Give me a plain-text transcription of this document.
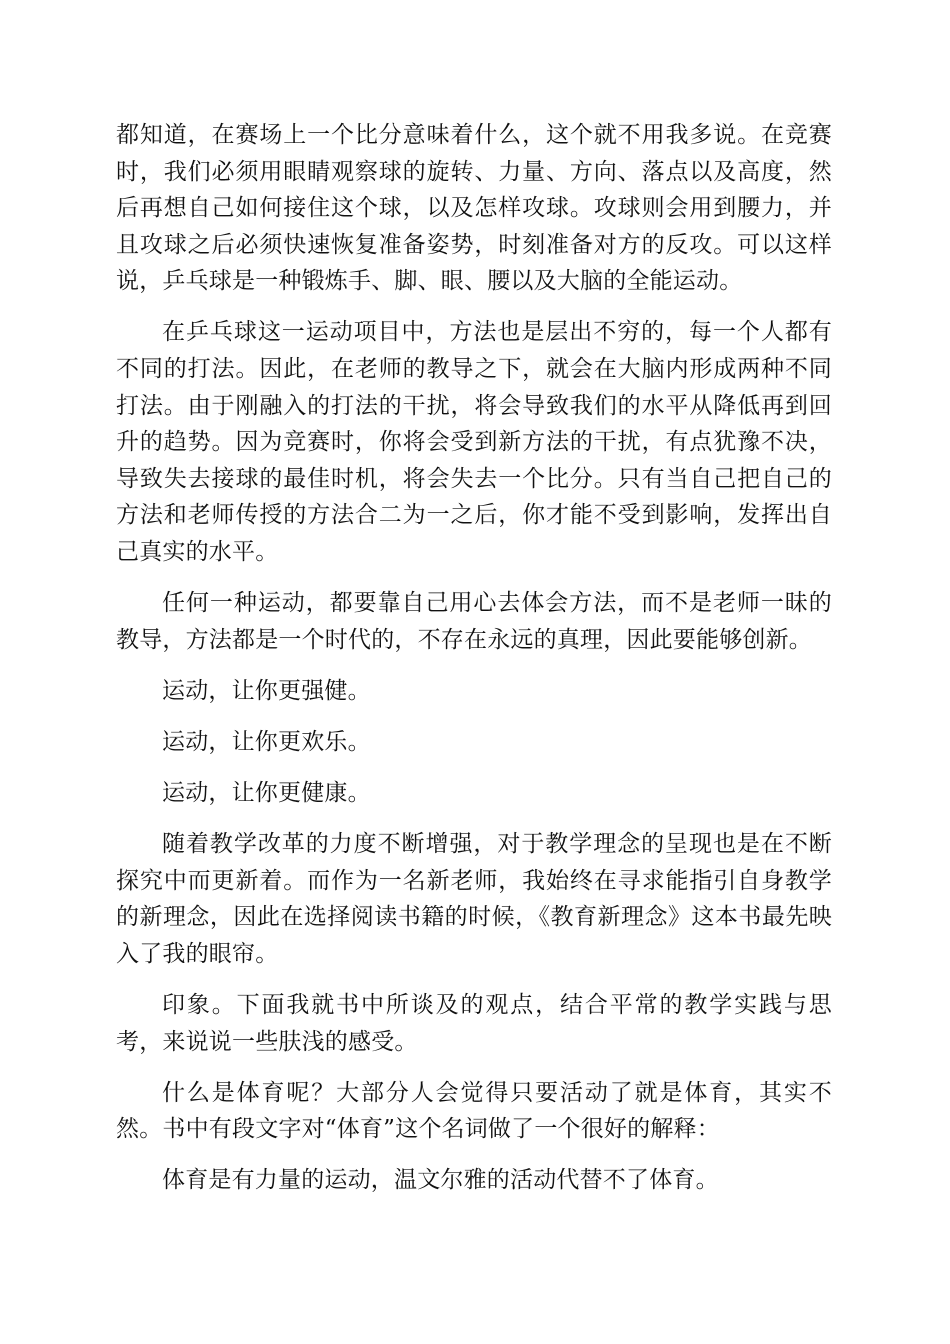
都知道，在赛场上一个比分意味着什么，这个就不用我多说。在竞赛时，我们必须用眼睛观察球的旋转、力量、方向、落点以及高度，然后再想自己如何接住这个球，以及怎样攻球。攻球则会用到腰力，并且攻球之后必须快速恢复准备姿势，时刻准备对方的反攻。可以这样说，乒乓球是一种锻炼手、脚、眼、腰以及大脑的全能运动。

在乒乓球这一运动项目中，方法也是层出不穷的，每一个人都有不同的打法。因此，在老师的教导之下，就会在大脑内形成两种不同打法。由于刚融入的打法的干扰，将会导致我们的水平从降低再到回升的趋势。因为竞赛时，你将会受到新方法的干扰，有点犹豫不决，导致失去接球的最佳时机，将会失去一个比分。只有当自己把自己的方法和老师传授的方法合二为一之后，你才能不受到影响，发挥出自己真实的水平。

任何一种运动，都要靠自己用心去体会方法，而不是老师一昧的教导，方法都是一个时代的，不存在永远的真理，因此要能够创新。

运动，让你更强健。

运动，让你更欢乐。

运动，让你更健康。

随着教学改革的力度不断增强，对于教学理念的呈现也是在不断探究中而更新着。而作为一名新老师，我始终在寻求能指引自身教学的新理念，因此在选择阅读书籍的时候，《教育新理念》这本书最先映入了我的眼帘。

印象。下面我就书中所谈及的观点，结合平常的教学实践与思考，来说说一些肤浅的感受。

什么是体育呢？大部分人会觉得只要活动了就是体育，其实不然。书中有段文字对“体育”这个名词做了一个很好的解释：

体育是有力量的运动，温文尔雅的活动代替不了体育。
